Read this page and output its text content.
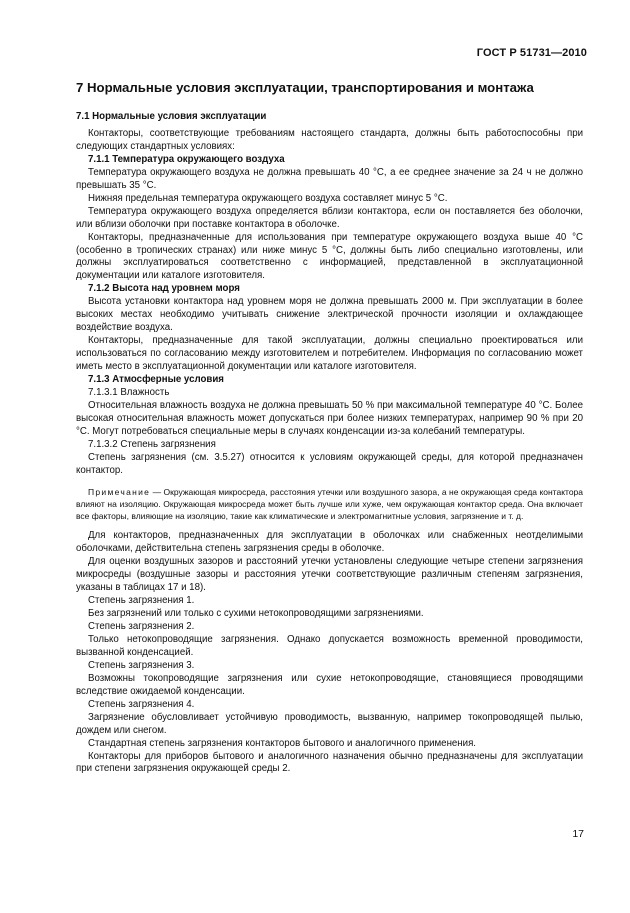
ГОСТ Р 51731—2010
7 Нормальные условия эксплуатации, транспортирования и монтажа

7.1 Нормальные условия эксплуатации

Контакторы, соответствующие требованиям настоящего стандарта, должны быть работоспособны при следующих стандартных условиях:

7.1.1 Температура окружающего воздуха

Температура окружающего воздуха не должна превышать 40 °С, а ее среднее значение за 24 ч не должно превышать 35 °С.

Нижняя предельная температура окружающего воздуха составляет минус 5 °С.

Температура окружающего воздуха определяется вблизи контактора, если он поставляется без оболочки, или вблизи оболочки при поставке контактора в оболочке.

Контакторы, предназначенные для использования при температуре окружающего воздуха выше 40 °С (особенно в тропических странах) или ниже минус 5 °С, должны быть либо специально изготовлены, или должны эксплуатироваться соответственно с информацией, представленной в эксплуатационной документации или каталоге изготовителя.

7.1.2 Высота над уровнем моря

Высота установки контактора над уровнем моря не должна превышать 2000 м. При эксплуатации в более высоких местах необходимо учитывать снижение электрической прочности изоляции и охлаждающее воздействие воздуха.

Контакторы, предназначенные для такой эксплуатации, должны специально проектироваться или использоваться по согласованию между изготовителем и потребителем. Информация по согласованию может иметь место в эксплуатационной документации или каталоге изготовителя.

7.1.3 Атмосферные условия

7.1.3.1 Влажность

Относительная влажность воздуха не должна превышать 50 % при максимальной температуре 40 °С. Более высокая относительная влажность может допускаться при более низких температурах, например 90 % при 20 °С. Могут потребоваться специальные меры в случаях конденсации из-за колебаний температуры.

7.1.3.2 Степень загрязнения

Степень загрязнения (см. 3.5.27) относится к условиям окружающей среды, для которой предназначен контактор.

Примечание — Окружающая микросреда, расстояния утечки или воздушного зазора, а не окружающая среда контактора влияют на изоляцию. Окружающая микросреда может быть лучше или хуже, чем окружающая контактор среда. Она включает все факторы, влияющие на изоляцию, такие как климатические и электромагнитные условия, загрязнение и т. д.

Для контакторов, предназначенных для эксплуатации в оболочках или снабженных неотделимыми оболочками, действительна степень загрязнения среды в оболочке.

Для оценки воздушных зазоров и расстояний утечки установлены следующие четыре степени загрязнения микросреды (воздушные зазоры и расстояния утечки соответствующие различным степеням загрязнения, указаны в таблицах 17 и 18).

Степень загрязнения 1.

Без загрязнений или только с сухими нетокопроводящими загрязнениями.

Степень загрязнения 2.

Только нетокопроводящие загрязнения. Однако допускается возможность временной проводимости, вызванной конденсацией.

Степень загрязнения 3.

Возможны токопроводящие загрязнения или сухие нетокопроводящие, становящиеся проводящими вследствие ожидаемой конденсации.

Степень загрязнения 4.

Загрязнение обусловливает устойчивую проводимость, вызванную, например токопроводящей пылью, дождем или снегом.

Стандартная степень загрязнения контакторов бытового и аналогичного применения.

Контакторы для приборов бытового и аналогичного назначения обычно предназначены для эксплуатации при степени загрязнения окружающей среды 2.

17
